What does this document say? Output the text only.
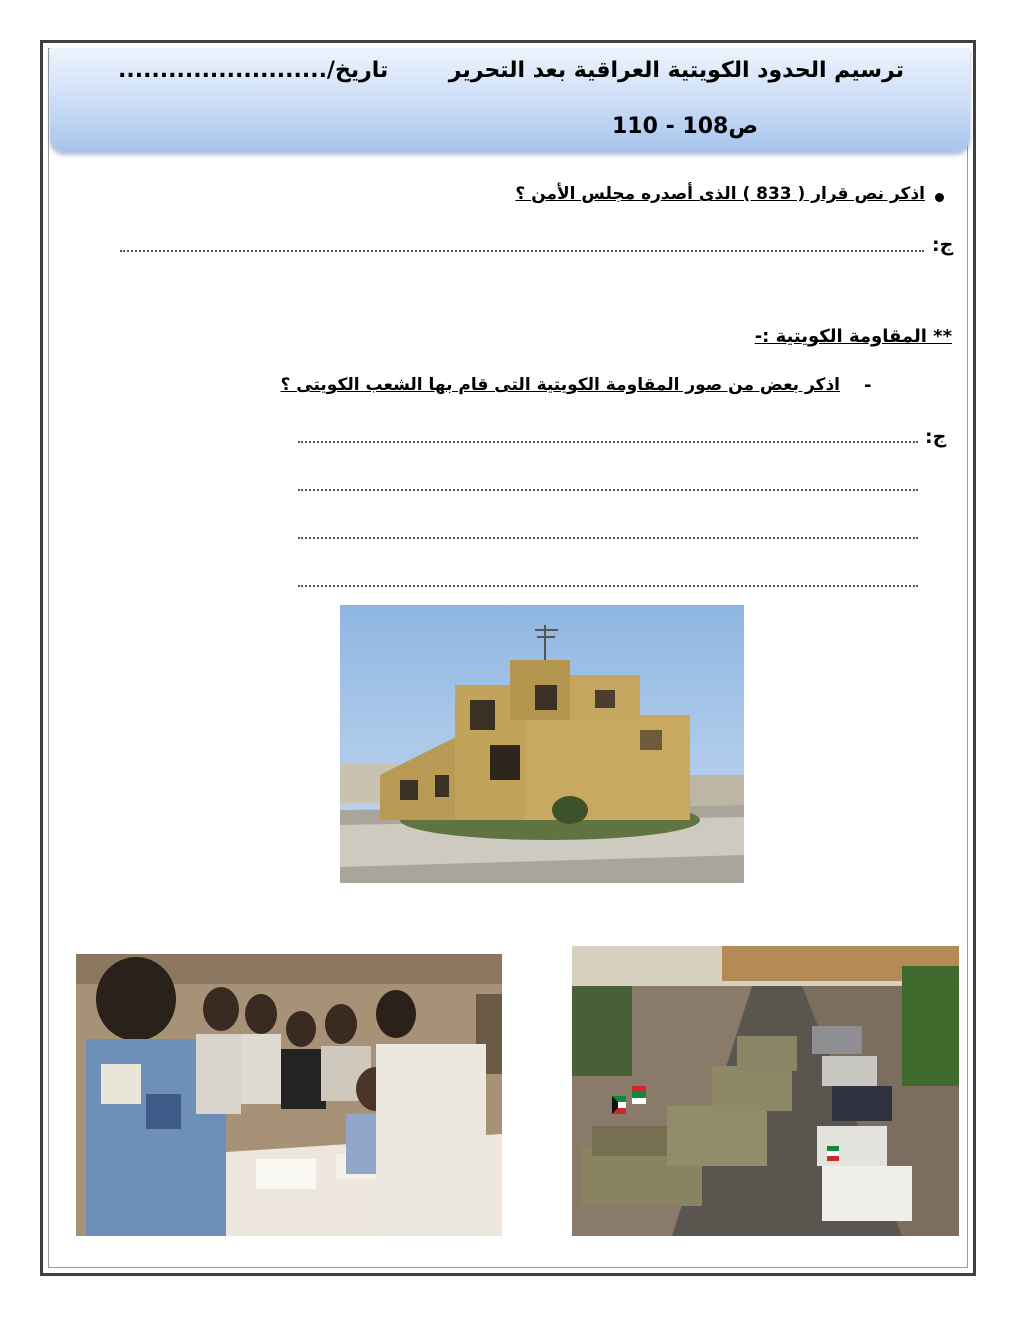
ترسيم الحدود الكويتية العراقية بعد التحرير
تاريخ/.........................
ص108 - 110
اذكر نص قرار ( 833 ) الذى أصدره مجلس الأمن ؟
ج:
** المقاومة الكويتية :-
-
اذكر بعض من صور المقاومة الكويتية التى قام بها الشعب الكويتى ؟
ج:
